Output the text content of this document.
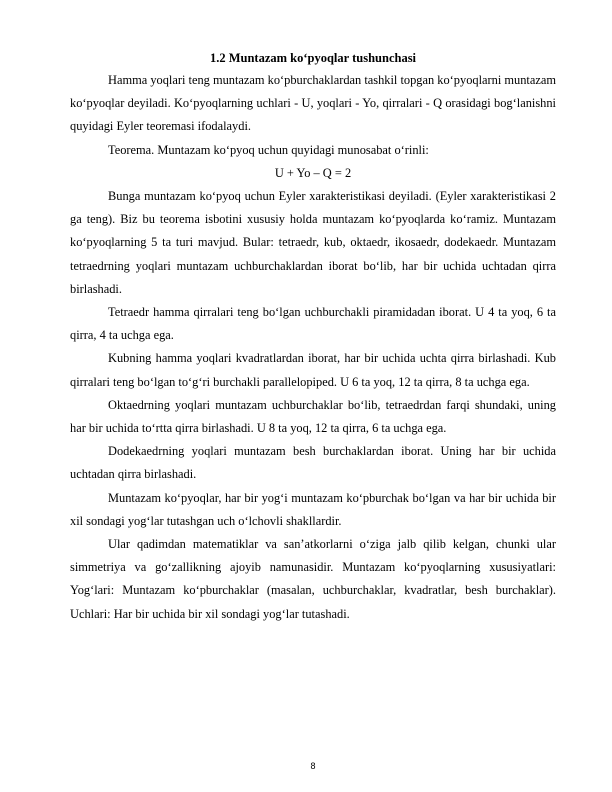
1.2 Muntazam ko‘pyoqlar tushunchasi

Hamma yoqlari teng muntazam ko‘pburchaklardan tashkil topgan ko‘pyoqlarni muntazam ko‘pyoqlar deyiladi. Ko‘pyoqlarning uchlari - U, yoqlari - Yo, qirralari - Q orasidagi bog‘lanishni quyidagi Eyler teoremasi ifodalaydi.

Teorema. Muntazam ko‘pyoq uchun quyidagi munosabat o‘rinli:

U + Yo – Q = 2

Bunga muntazam ko‘pyoq uchun Eyler xarakteristikasi deyiladi. (Eyler xarakteristikasi 2 ga teng). Biz bu teorema isbotini xususiy holda muntazam ko‘pyoqlarda ko‘ramiz. Muntazam ko‘pyoqlarning 5 ta turi mavjud. Bular: tetraedr, kub, oktaedr, ikosaedr, dodekaedr. Muntazam tetraedrning yoqlari muntazam uchburchaklardan iborat bo‘lib, har bir uchida uchtadan qirra birlashadi.

Tetraedr hamma qirralari teng bo‘lgan uchburchakli piramidadan iborat. U 4 ta yoq, 6 ta qirra, 4 ta uchga ega.

Kubning hamma yoqlari kvadratlardan iborat, har bir uchida uchta qirra birlashadi. Kub qirralari teng bo‘lgan to‘g‘ri burchakli parallelopiped. U 6 ta yoq, 12 ta qirra, 8 ta uchga ega.

Oktaedrning yoqlari muntazam uchburchaklar bo‘lib, tetraedrdan farqi shundaki, uning har bir uchida to‘rtta qirra birlashadi. U 8 ta yoq, 12 ta qirra, 6 ta uchga ega.

Dodekaedrning yoqlari muntazam besh burchaklardan iborat. Uning har bir uchida uchtadan qirra birlashadi.

Muntazam ko‘pyoqlar, har bir yog‘i muntazam ko‘pburchak bo‘lgan va har bir uchida bir xil sondagi yog‘lar tutashgan uch o‘lchovli shakllardir.

Ular qadimdan matematiklar va san’atkorlarni o‘ziga jalb qilib kelgan, chunki ular simmetriya va go‘zallikning ajoyib namunasidir. Muntazam ko‘pyoqlarning xususiyatlari: Yog‘lari: Muntazam ko‘pburchaklar (masalan, uchburchaklar, kvadratlar, besh burchaklar). Uchlari: Har bir uchida bir xil sondagi yog‘lar tutashadi.

8
